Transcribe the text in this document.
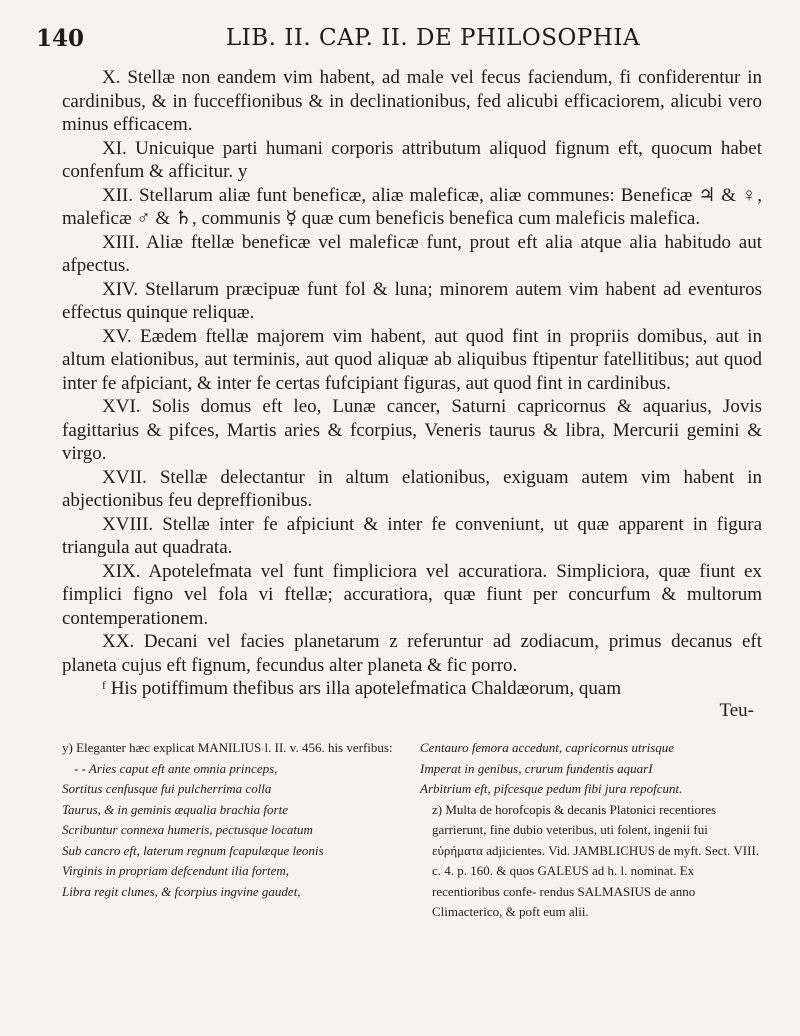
140	LIB. II. CAP. II. DE PHILOSOPHIA

X. Stellæ non eandem vim habent, ad male vel fecus faciendum, fi confiderentur in cardinibus, & in fucceffionibus & in declinationibus, fed alicubi efficaciorem, alicubi vero minus efficacem.

XI. Unicuique parti humani corporis attributum aliquod fignum eft, quocum habet confenfum & afficitur. y

XII. Stellarum aliæ funt beneficæ, aliæ maleficæ, aliæ communes: Beneficæ ♃ & ♀, maleficæ ♂ & ♄, communis ☿ quæ cum beneficis benefica cum maleficis malefica.

XIII. Aliæ ftellæ beneficæ vel maleficæ funt, prout eft alia atque alia habitudo aut afpectus.

XIV. Stellarum præcipuæ funt fol & luna; minorem autem vim habent ad eventuros effectus quinque reliquæ.

XV. Eædem ftellæ majorem vim habent, aut quod fint in propriis domibus, aut in altum elationibus, aut terminis, aut quod aliquæ ab aliquibus ftipentur fatellitibus; aut quod inter fe afpiciant, & inter fe certas fufcipiant figuras, aut quod fint in cardinibus.

XVI. Solis domus eft leo, Lunæ cancer, Saturni capricornus & aquarius, Jovis fagittarius & pifces, Martis aries & fcorpius, Veneris taurus & libra, Mercurii gemini & virgo.

XVII. Stellæ delectantur in altum elationibus, exiguam autem vim habent in abjectionibus feu depreffionibus.

XVIII. Stellæ inter fe afpiciunt & inter fe conveniunt, ut quæ apparent in figura triangula aut quadrata.

XIX. Apotelefmata vel funt fimpliciora vel accuratiora. Simpliciora, quæ fiunt ex fimplici figno vel fola vi ftellæ; accuratiora, quæ fiunt per concurfum & multorum contemperationem.

XX. Decani vel facies planetarum z referuntur ad zodiacum, primus decanus eft planeta cujus eft fignum, fecundus alter planeta & fic porro.

ᶠ His potiffimum thefibus ars illa apotelefmatica Chaldæorum, quam

Teu-

y) Eleganter hæc explicat MANILIUS l. II. v. 456. his verfibus:

- - Aries caput eft ante omnia princeps,

Sortitus cenfusque fui pulcherrima colla

Taurus, & in geminis æqualia brachia forte

Scribuntur connexa humeris, pectusque locatum

Sub cancro eft, laterum regnum fcapulæque leonis

Virginis in propriam defcendunt ilia fortem,

Libra regit clunes, & fcorpius ingvine gaudet,

Centauro femora accedunt, capricornus utrisque

Imperat in genibus, crurum fundentis aquarI

Arbitrium eft, pifcesque pedum fibi jura repofcunt.

z) Multa de horofcopis & decanis Platonici recentiores garrierunt, fine dubio veteribus, uti folent, ingenii fui εὑρήματα adjicientes. Vid. JAMBLICHUS de myft. Sect. VIII. c. 4. p. 160. & quos GALEUS ad h. l. nominat. Ex recentioribus confe- rendus SALMASIUS de anno Climacterico, & poft eum alii.
